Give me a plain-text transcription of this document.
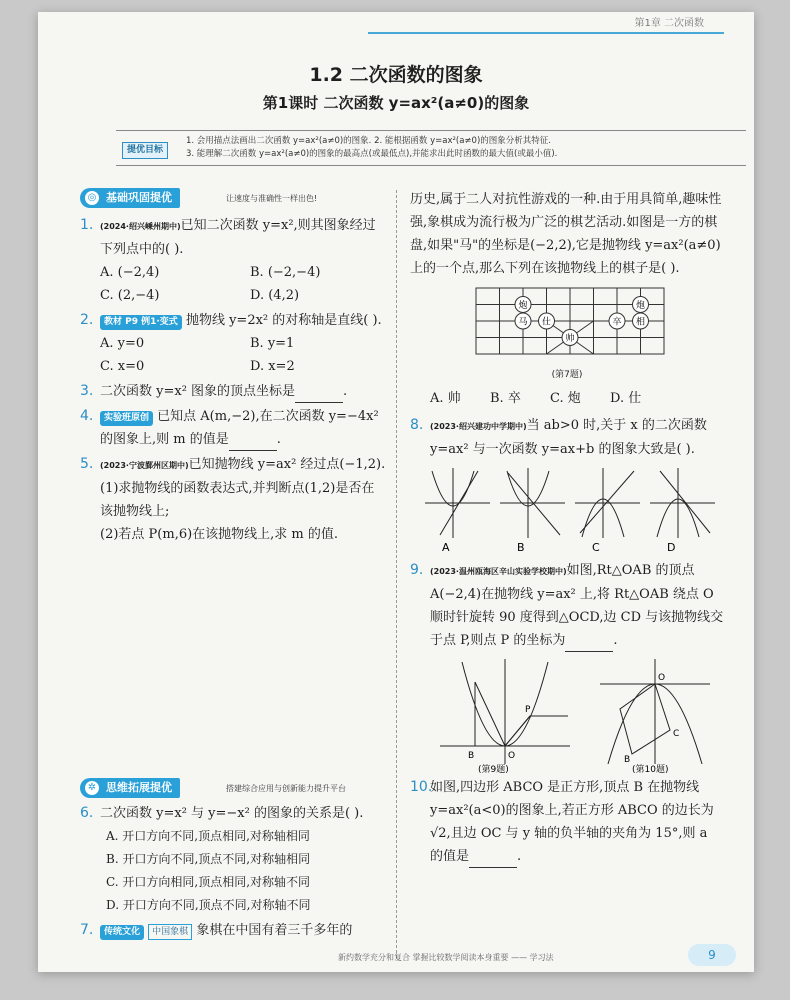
第1章 二次函数
1.2 二次函数的图象
第1课时 二次函数 y=ax²(a≠0)的图象
提优目标
1. 会用描点法画出二次函数 y=ax²(a≠0)的图象. 2. 能根据函数 y=ax²(a≠0)的图象分析其特征.
3. 能理解二次函数 y=ax²(a≠0)的图象的最高点(或最低点),并能求出此时函数的最大值(或最小值).
◎ 基础巩固提优	让速度与准确性一样出色!
1. (2024·绍兴嵊州期中)已知二次函数 y=x²,则其图象经过下列点中的( ).
A. (−2,4)	B. (−2,−4)
C. (2,−4)	D. (4,2)
2. 教材 P9 例1·变式 抛物线 y=2x² 的对称轴是直线( ).
A. y=0	B. y=1
C. x=0	D. x=2
3. 二次函数 y=x² 图象的顶点坐标是	.
4. 实验班原创 已知点 A(m,−2),在二次函数 y=−4x² 的图象上,则 m 的值是	.
5. (2023·宁波鄞州区期中)已知抛物线 y=ax² 经过点(−1,2).
(1)求抛物线的函数表达式,并判断点(1,2)是否在该抛物线上;
(2)若点 P(m,6)在该抛物线上,求 m 的值.
✲ 思维拓展提优	搭建综合应用与创新能力提升平台
6. 二次函数 y=x² 与 y=−x² 的图象的关系是( ).
A. 开口方向不同,顶点相同,对称轴相同
B. 开口方向不同,顶点不同,对称轴相同
C. 开口方向相同,顶点相同,对称轴不同
D. 开口方向不同,顶点不同,对称轴不同
7. 传统文化 中国象棋 象棋在中国有着三千多年的
历史,属于二人对抗性游戏的一种.由于用具简单,趣味性强,象棋成为流行极为广泛的棋艺活动.如图是一方的棋盘,如果"马"的坐标是(−2,2),它是抛物线 y=ax²(a≠0)上的一个点,那么下列在该抛物线上的棋子是( ).
炮
马 仕
帅
卒
炮
相
(第7题)
A. 帅	B. 卒	C. 炮	D. 仕
8. (2023·绍兴建功中学期中)当 ab>0 时,关于 x 的二次函数 y=ax² 与一次函数 y=ax+b 的图象大致是( ).
A	B	C	D
9. (2023·温州瓯海区辛山实验学校期中)如图,Rt△OAB 的顶点 A(−2,4)在抛物线 y=ax² 上,将 Rt△OAB 绕点 O 顺时针旋转 90 度得到△OCD,边 CD 与该抛物线交于点 P,则点 P 的坐标为	.
B	O
P
O
B
C
(第9题)	(第10题)
10.
如图,四边形 ABCO 是正方形,顶点 B 在抛物线 y=ax²(a<0)的图象上,若正方形 ABCO 的边长为√2,且边 OC 与 y 轴的负半轴的夹角为 15°,则 a 的值是	.
新约数学充分和复合 掌握比较数学阅读本身重要 —— 学习法	9
